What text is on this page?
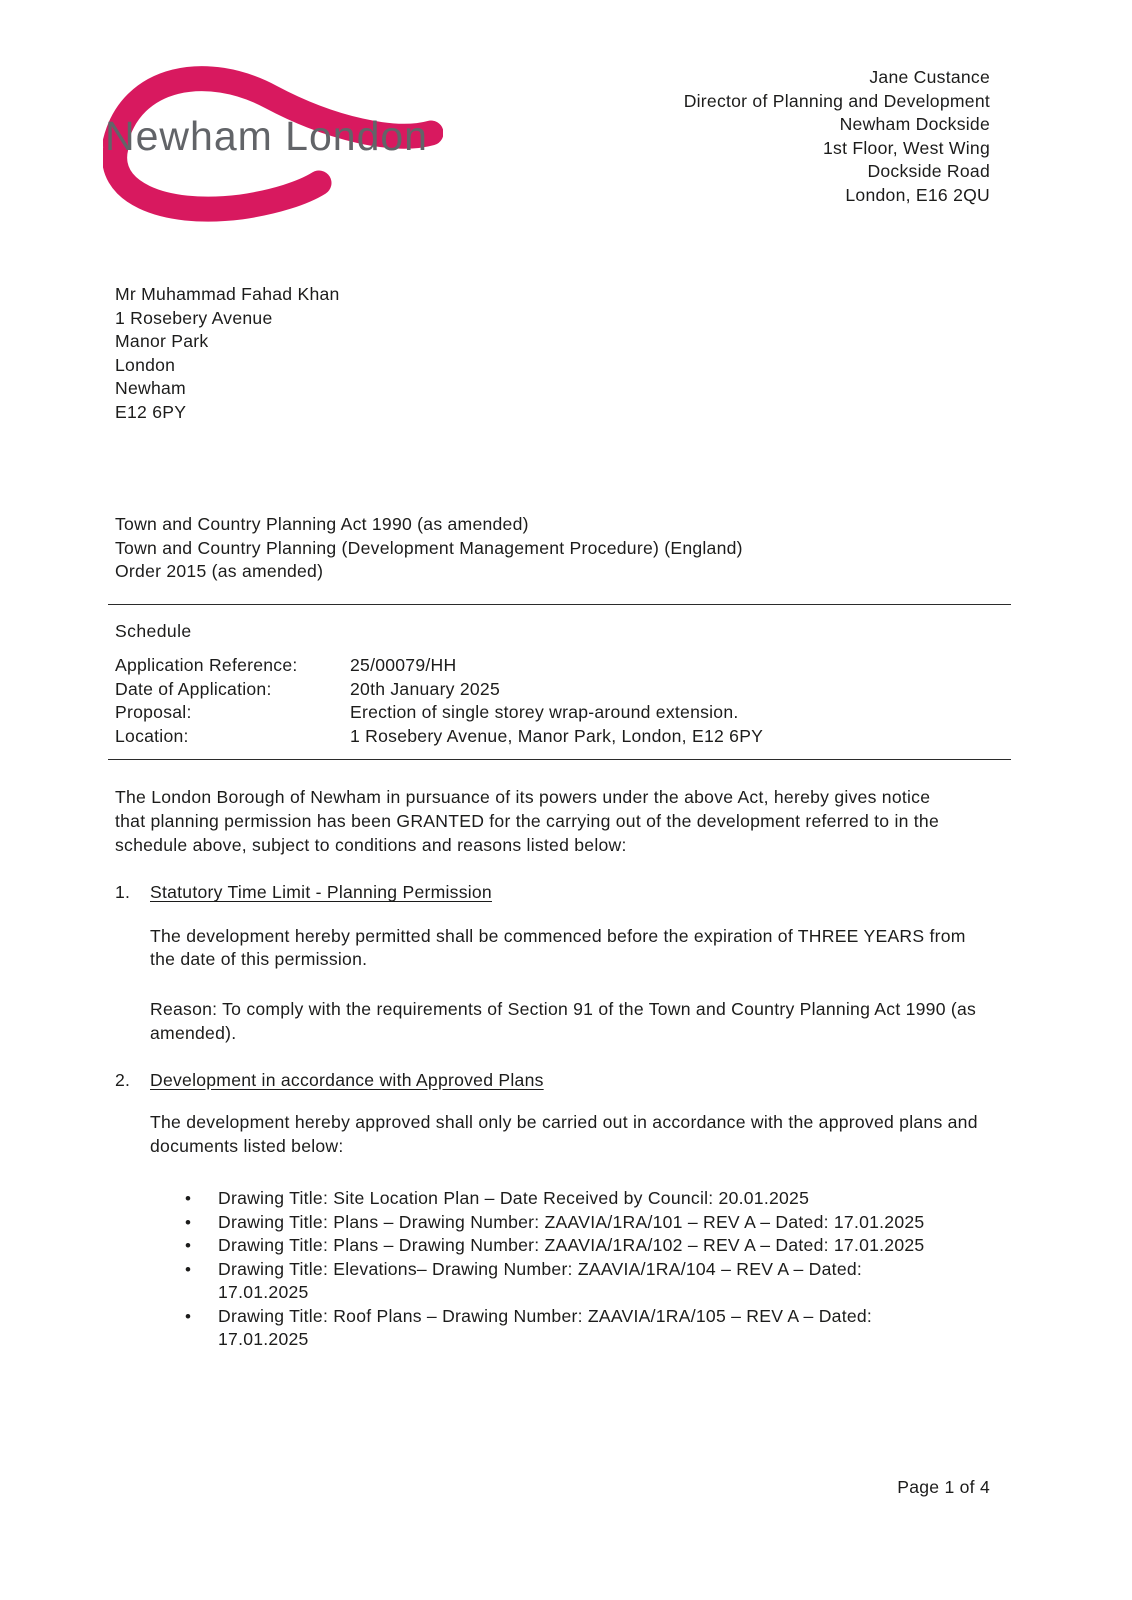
Newham London
Jane Custance
Director of Planning and Development
Newham Dockside
1st Floor, West Wing
Dockside Road
London, E16 2QU
Mr Muhammad Fahad Khan
1 Rosebery Avenue
Manor Park
London
Newham
E12 6PY
Town and Country Planning Act 1990 (as amended)
Town and Country Planning (Development Management Procedure) (England)
Order 2015 (as amended)
Schedule
Application Reference:	25/00079/HH
Date of Application:	20th January 2025
Proposal:	Erection of single storey wrap-around extension.
Location:	1 Rosebery Avenue, Manor Park, London, E12 6PY

The London Borough of Newham in pursuance of its powers under the above Act, hereby gives notice that planning permission has been GRANTED for the carrying out of the development referred to in the schedule above, subject to conditions and reasons listed below:

1.	Statutory Time Limit - Planning Permission

The development hereby permitted shall be commenced before the expiration of THREE YEARS from the date of this permission.

Reason: To comply with the requirements of Section 91 of the Town and Country Planning Act 1990 (as amended).

2.	Development in accordance with Approved Plans

The development hereby approved shall only be carried out in accordance with the approved plans and documents listed below:

•	Drawing Title: Site Location Plan – Date Received by Council: 20.01.2025
•	Drawing Title: Plans – Drawing Number: ZAAVIA/1RA/101 – REV A – Dated: 17.01.2025
•	Drawing Title: Plans – Drawing Number: ZAAVIA/1RA/102 – REV A – Dated: 17.01.2025
•	Drawing Title: Elevations– Drawing Number: ZAAVIA/1RA/104 – REV A – Dated: 17.01.2025
•	Drawing Title: Roof Plans – Drawing Number: ZAAVIA/1RA/105 – REV A – Dated: 17.01.2025
Page 1 of 4
